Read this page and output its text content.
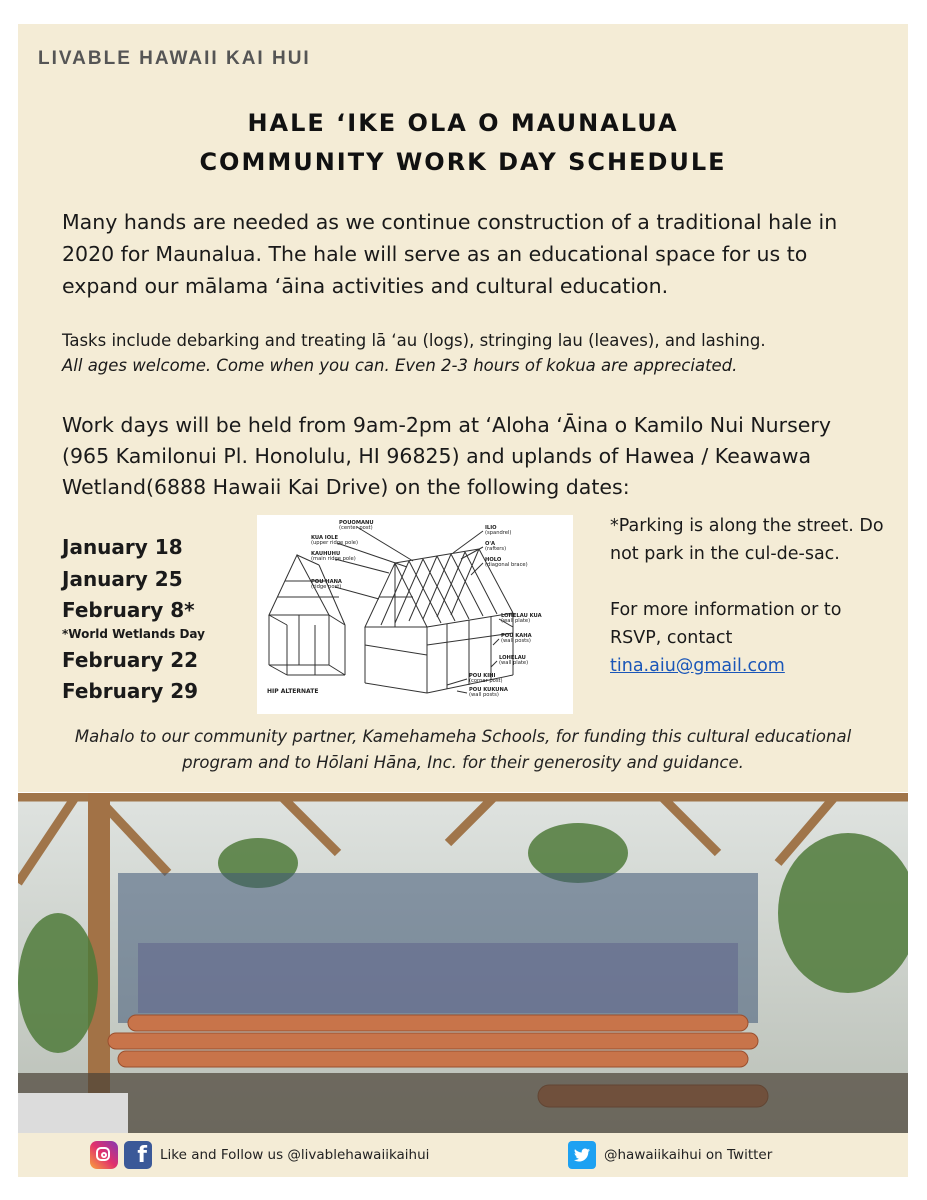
LIVABLE HAWAII KAI HUI
HALE ‘IKE OLA O MAUNALUA
COMMUNITY WORK DAY SCHEDULE
Many hands are needed as we continue construction of a traditional hale in 2020 for Maunalua. The hale will serve as an educational space for us to expand our mālama ‘āina activities and cultural education.
Tasks include debarking and treating lā ‘au (logs), stringing lau (leaves), and lashing.
All ages welcome. Come when you can. Even 2-3 hours of kokua are appreciated.
Work days will be held from 9am-2pm at ‘Aloha ‘Āina o Kamilo Nui Nursery (965 Kamilonui Pl. Honolulu, HI 96825) and uplands of Hawea / Keawawa Wetland(6888 Hawaii Kai Drive) on the following dates:
January 18
January 25
February 8*
*World Wetlands Day
February 22
February 29
POUOMANU
(center post)
KUA IOLE
(upper ridge pole)
KAUHUHU
(main ridge pole)
POU HANA
(ridge post)
ILIO
(spandrel)
O'A
(rafters)
HOLO
(diagonal brace)
LOHELAU KUA
(wall plate)
POU KAHA
(wall posts)
LOHELAU
(wall plate)
POU KIHI
(corner post)
POU KUKUNA
(wall posts)
HIP ALTERNATE
*Parking is along the street. Do not park in the cul-de-sac.
For more information or to RSVP, contact
tina.aiu@gmail.com
Mahalo to our community partner, Kamehameha Schools, for funding this cultural educational program and to Hōlani Hāna, Inc. for their generosity and guidance.
f Like and Follow us @livablehawaiikaihui	@hawaiikaihui on Twitter
